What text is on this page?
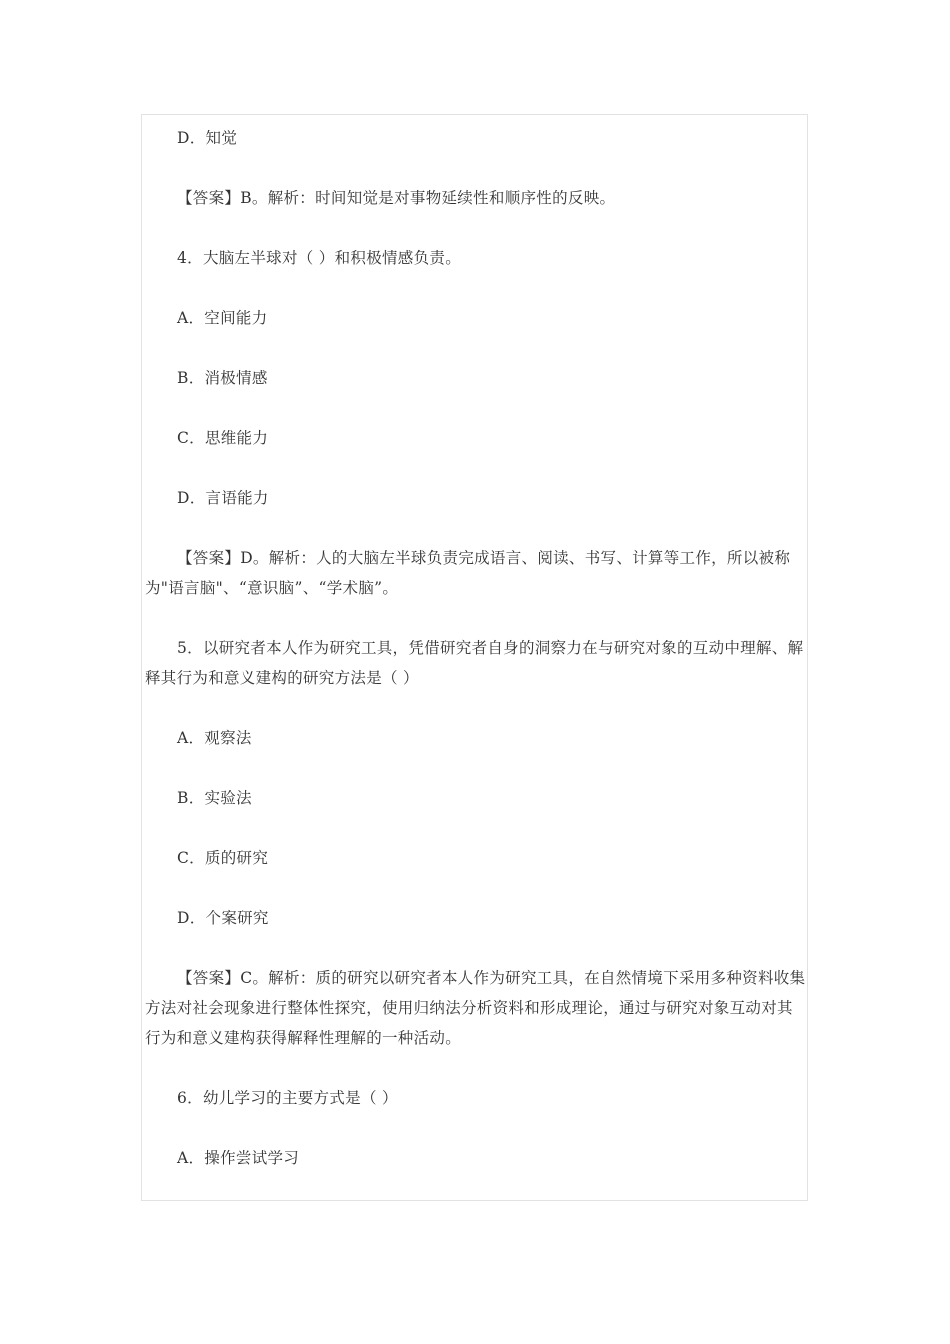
D．知觉

【答案】B。解析：时间知觉是对事物延续性和顺序性的反映。

4．大脑左半球对（ ）和积极情感负责。

A．空间能力

B．消极情感

C．思维能力

D．言语能力

【答案】D。解析：人的大脑左半球负责完成语言、阅读、书写、计算等工作，所以被称为"语言脑"、“意识脑”、“学术脑”。

5．以研究者本人作为研究工具，凭借研究者自身的洞察力在与研究对象的互动中理解、解释其行为和意义建构的研究方法是（ ）

A．观察法

B．实验法

C．质的研究

D．个案研究

【答案】C。解析：质的研究以研究者本人作为研究工具，在自然情境下采用多种资料收集方法对社会现象进行整体性探究，使用归纳法分析资料和形成理论，通过与研究对象互动对其行为和意义建构获得解释性理解的一种活动。

6．幼儿学习的主要方式是（ ）

A．操作尝试学习
